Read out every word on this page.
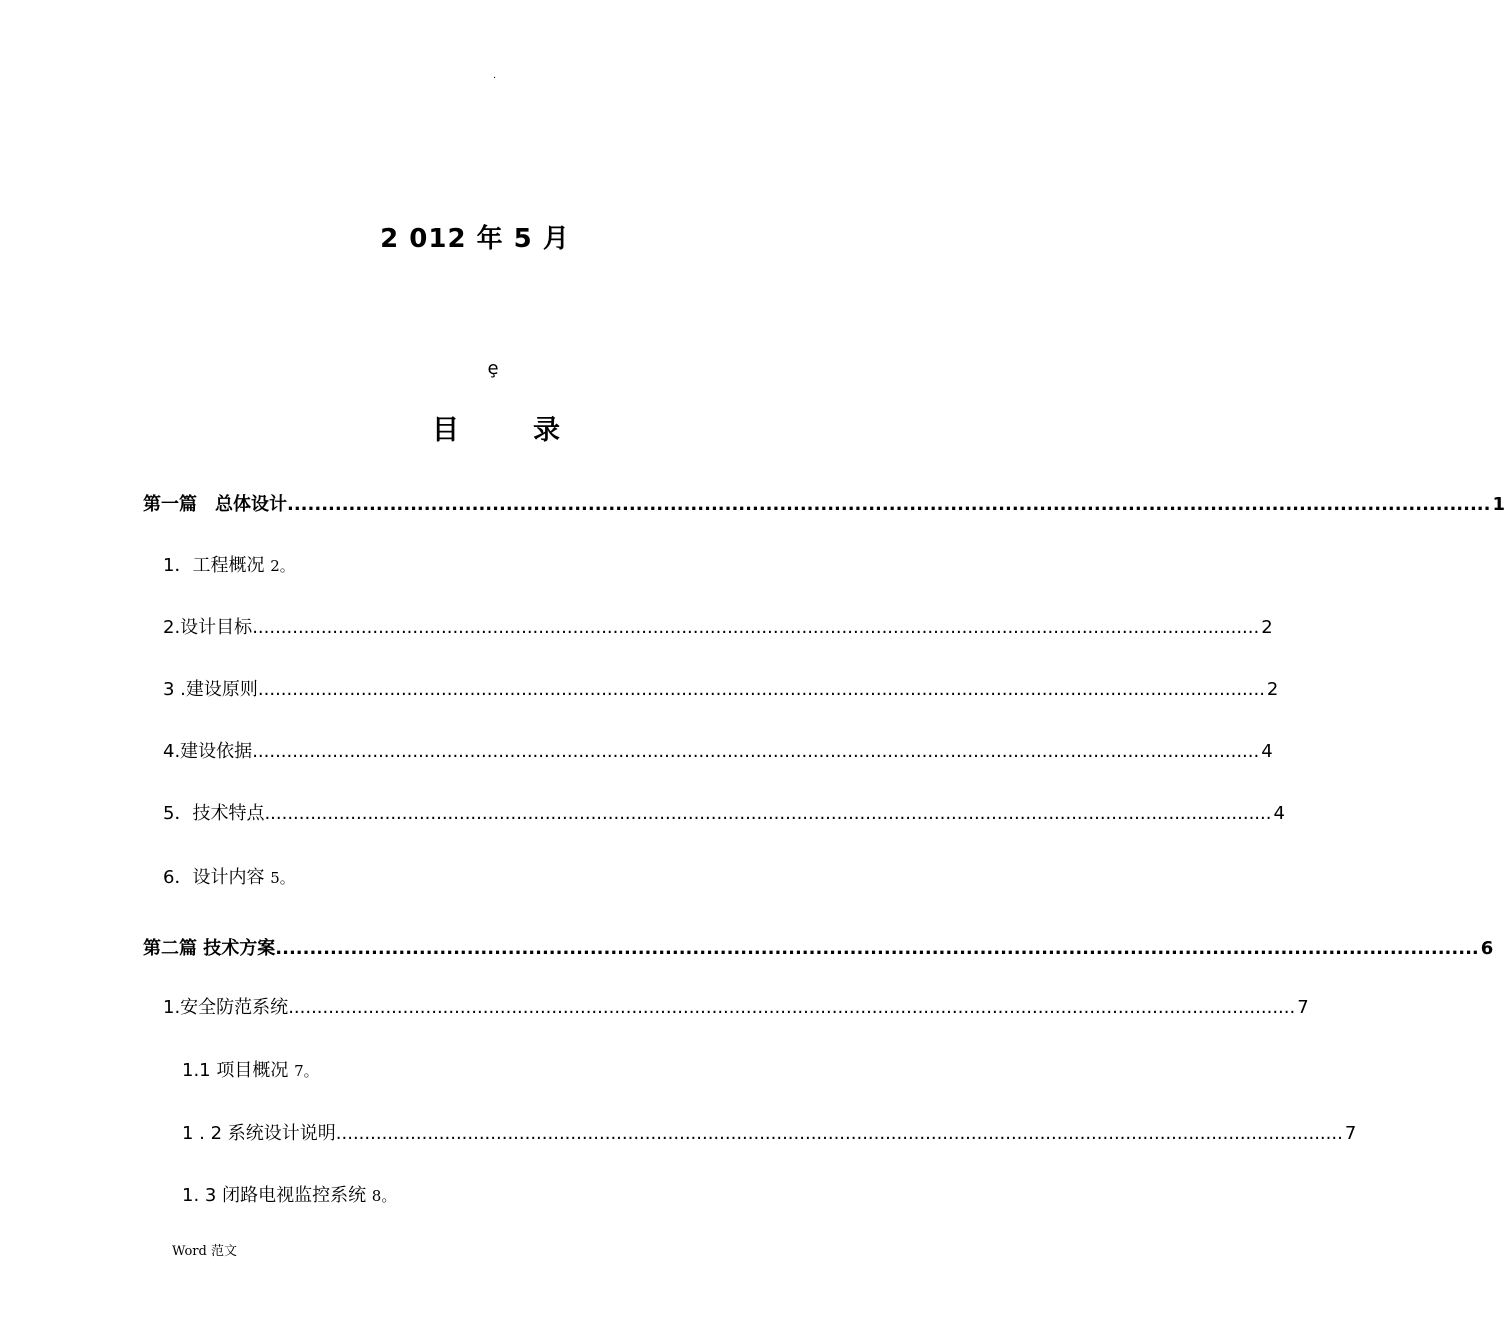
.
2 012 年 5 月
ȩ
目	录
第一篇　总体设计 ................................................................................................................................................................................ 1
1．工程概况 2。
2.设计目标 ................................................................................................................................................................................ 2
3 .建设原则 ................................................................................................................................................................................ 2
4.建设依据 ................................................................................................................................................................................ 4
5．技术特点 ................................................................................................................................................................................ 4
6．设计内容 5。
第二篇 技术方案 ................................................................................................................................................................................ 6
1.安全防范系统 ................................................................................................................................................................................ 7
1.1 项目概况 7。
1 . 2 系统设计说明 ................................................................................................................................................................................ 7
1. 3 闭路电视监控系统 8。
Word 范文
